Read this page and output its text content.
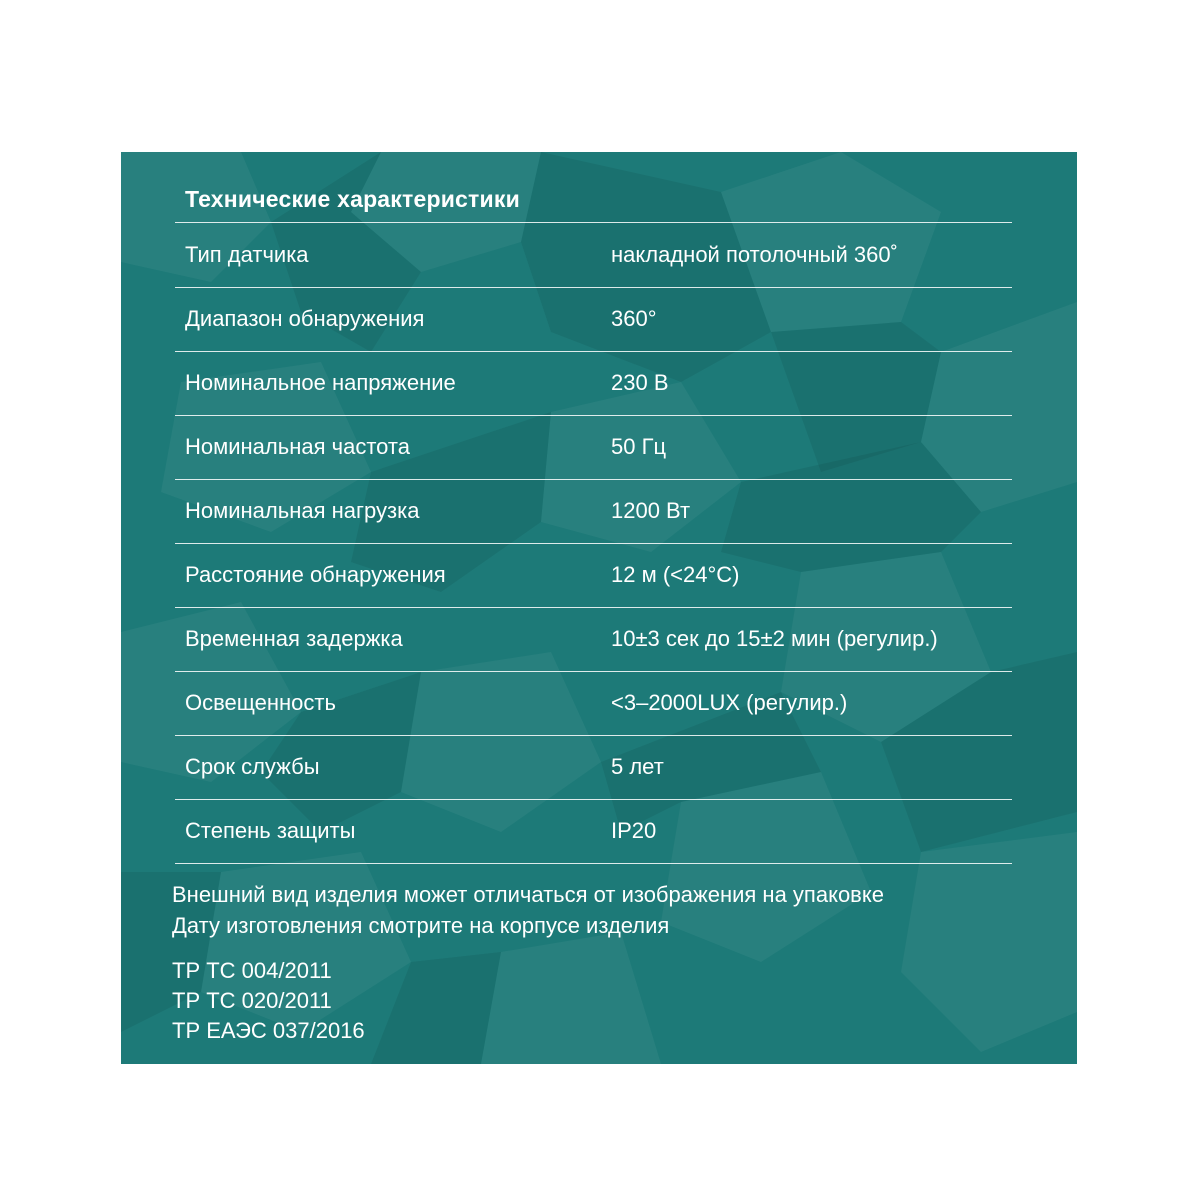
Технические характеристики
Тип датчика	накладной потолочный 360˚
Диапазон обнаружения	360°
Номинальное напряжение	230 В
Номинальная частота	50 Гц
Номинальная нагрузка	1200 Вт
Расстояние обнаружения	12 м (<24°С)
Временная задержка	10±3 сек до 15±2 мин (регулир.)
Освещенность	<3–2000LUX (регулир.)
Срок службы	5 лет
Степень защиты	IP20
Внешний вид изделия может отличаться от изображения на упаковке
Дату изготовления смотрите на корпусе изделия
ТР ТС 004/2011
ТР ТС 020/2011
ТР ЕАЭС 037/2016
